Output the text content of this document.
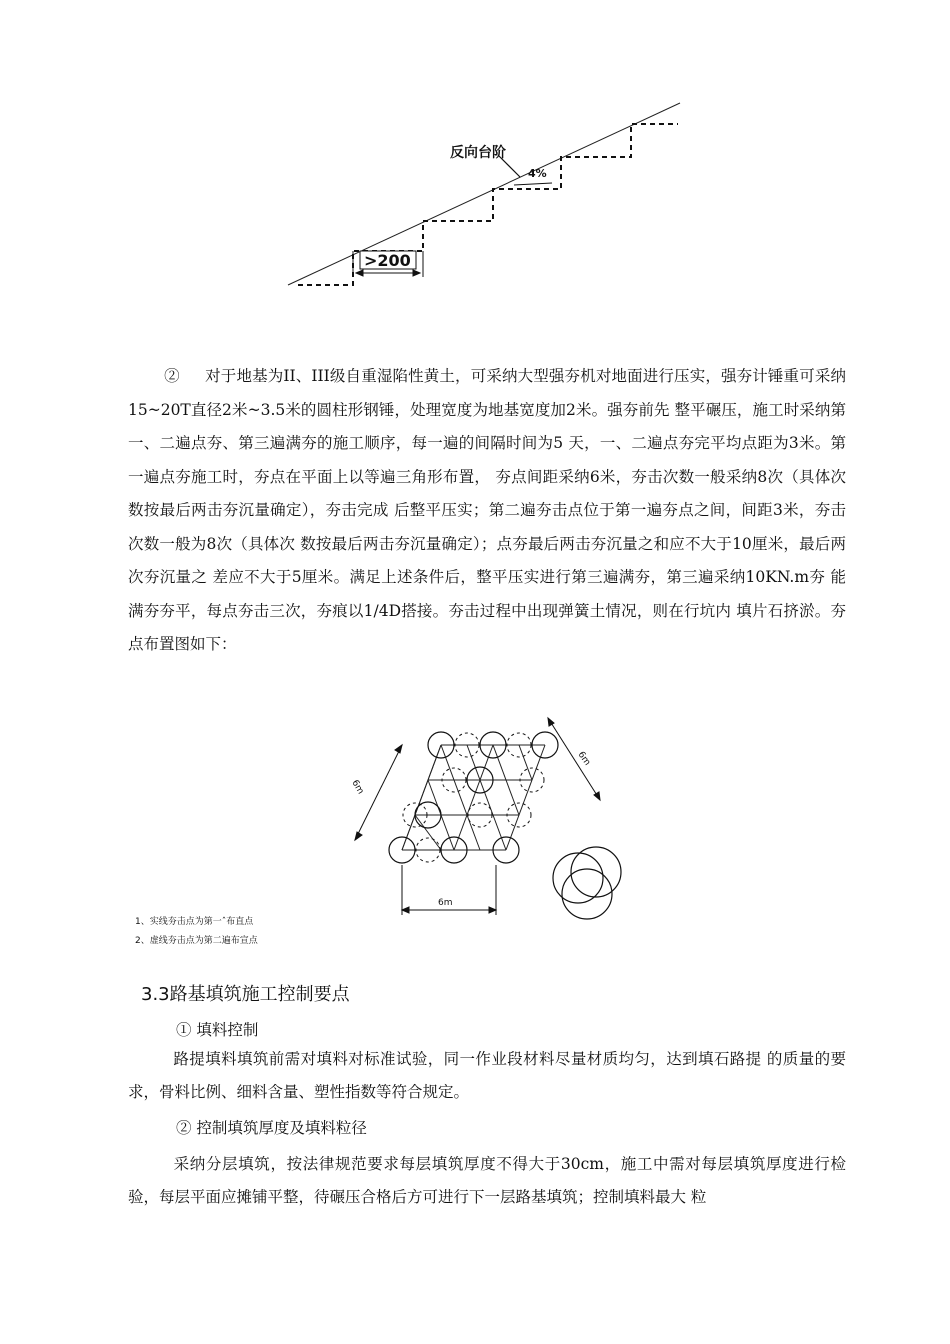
>200
反向台阶
4%

② 对于地基为II、III级自重湿陷性黄土，可采纳大型强夯机对地面进行压实，强夯计锤重可采纳15~20T直径2米~3.5米的圆柱形钢锤，处理宽度为地基宽度加2米。强夯前先 整平碾压，施工时采纳第一、二遍点夯、第三遍满夯的施工顺序，每一遍的间隔时间为5 天，一、二遍点夯完平均点距为3米。第一遍点夯施工时，夯点在平面上以等遍三角形布置， 夯点间距采纳6米，夯击次数一般采纳8次（具体次数按最后两击夯沉量确定），夯击完成 后整平压实；第二遍夯击点位于第一遍夯点之间，间距3米，夯击次数一般为8次（具体次 数按最后两击夯沉量确定）；点夯最后两击夯沉量之和应不大于10厘米，最后两次夯沉量之 差应不大于5厘米。满足上述条件后，整平压实进行第三遍满夯，第三遍采纳10KN.m夯 能满夯夯平，每点夯击三次，夯痕以1/4D搭接。夯击过程中出现弹簧土情况，则在行坑内 填片石挤淤。夯点布置图如下：

6m
6m
6m
1、实线夯击点为第一ˆ布直点
2、虚线夯击点为第二遍布宣点
3.3路基填筑施工控制要点
① 填料控制

路提填料填筑前需对填料对标准试验，同一作业段材料尽量材质均匀，达到填石路提 的质量的要求，骨料比例、细料含量、塑性指数等符合规定。

② 控制填筑厚度及填料粒径

采纳分层填筑，按法律规范要求每层填筑厚度不得大于30cm，施工中需对每层填筑厚度进行检验，每层平面应摊铺平整，待碾压合格后方可进行下一层路基填筑；控制填料最大 粒
